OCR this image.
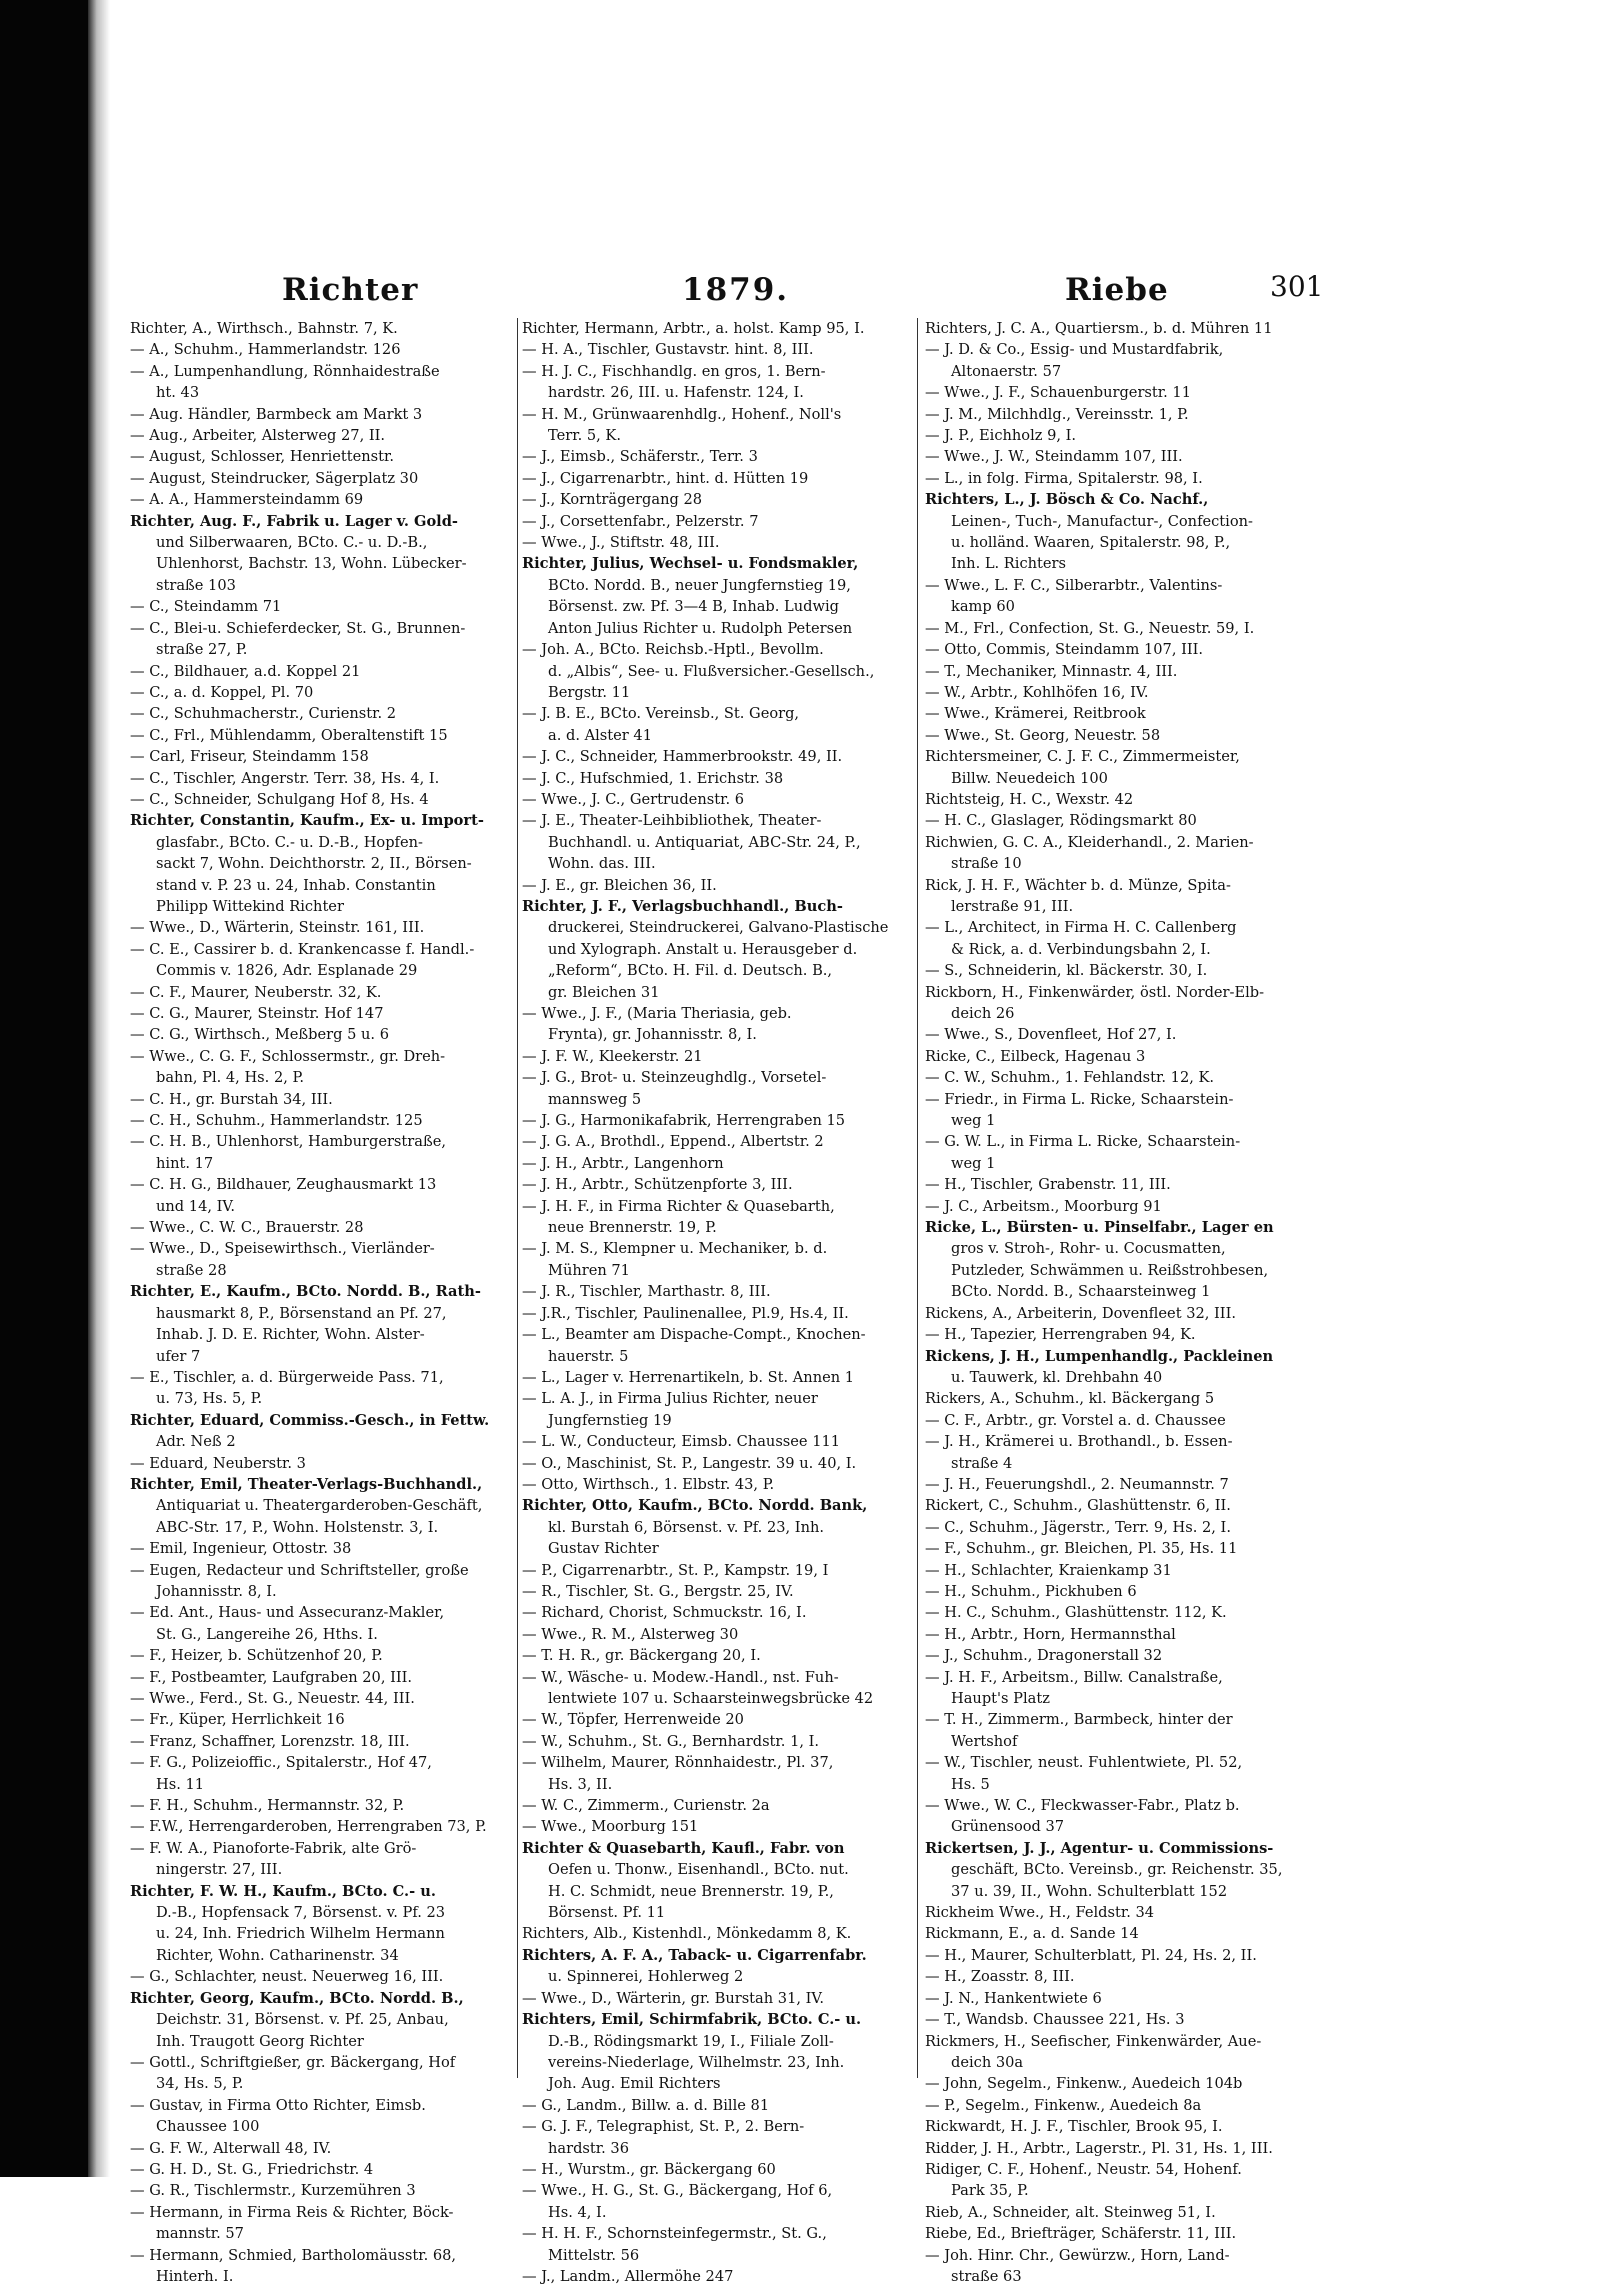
Richter	1879.	Riebe	301
Richter, A., Wirthsch., Bahnstr. 7, K.
— A., Schuhm., Hammerlandstr. 126
— A., Lumpenhandlung, Rönnhaidestraße
ht. 43
— Aug. Händler, Barmbeck am Markt 3
— Aug., Arbeiter, Alsterweg 27, II.
— August, Schlosser, Henriettenstr.
— August, Steindrucker, Sägerplatz 30
— A. A., Hammersteindamm 69
Richter, Aug. F., Fabrik u. Lager v. Gold-
und Silberwaaren, BCto. C.- u. D.-B.,
Uhlenhorst, Bachstr. 13, Wohn. Lübecker-
straße 103
— C., Steindamm 71
— C., Blei-u. Schieferdecker, St. G., Brunnen-
straße 27, P.
— C., Bildhauer, a.d. Koppel 21
— C., a. d. Koppel, Pl. 70
— C., Schuhmacherstr., Curienstr. 2
— C., Frl., Mühlendamm, Oberaltenstift 15
— Carl, Friseur, Steindamm 158
— C., Tischler, Angerstr. Terr. 38, Hs. 4, I.
— C., Schneider, Schulgang Hof 8, Hs. 4
Richter, Constantin, Kaufm., Ex- u. Import-
glasfabr., BCto. C.- u. D.-B., Hopfen-
sackt 7, Wohn. Deichthorstr. 2, II., Börsen-
stand v. P. 23 u. 24, Inhab. Constantin
Philipp Wittekind Richter
— Wwe., D., Wärterin, Steinstr. 161, III.
— C. E., Cassirer b. d. Krankencasse f. Handl.-
Commis v. 1826, Adr. Esplanade 29
— C. F., Maurer, Neuberstr. 32, K.
— C. G., Maurer, Steinstr. Hof 147
— C. G., Wirthsch., Meßberg 5 u. 6
— Wwe., C. G. F., Schlossermstr., gr. Dreh-
bahn, Pl. 4, Hs. 2, P.
— C. H., gr. Burstah 34, III.
— C. H., Schuhm., Hammerlandstr. 125
— C. H. B., Uhlenhorst, Hamburgerstraße,
hint. 17
— C. H. G., Bildhauer, Zeughausmarkt 13
und 14, IV.
— Wwe., C. W. C., Brauerstr. 28
— Wwe., D., Speisewirthsch., Vierländer-
straße 28
Richter, E., Kaufm., BCto. Nordd. B., Rath-
hausmarkt 8, P., Börsenstand an Pf. 27,
Inhab. J. D. E. Richter, Wohn. Alster-
ufer 7
— E., Tischler, a. d. Bürgerweide Pass. 71,
u. 73, Hs. 5, P.
Richter, Eduard, Commiss.-Gesch., in Fettw.
Adr. Neß 2
— Eduard, Neuberstr. 3
Richter, Emil, Theater-Verlags-Buchhandl.,
Antiquariat u. Theatergarderoben-Geschäft,
ABC-Str. 17, P., Wohn. Holstenstr. 3, I.
— Emil, Ingenieur, Ottostr. 38
— Eugen, Redacteur und Schriftsteller, große
Johannisstr. 8, I.
— Ed. Ant., Haus- und Assecuranz-Makler,
St. G., Langereihe 26, Hths. I.
— F., Heizer, b. Schützenhof 20, P.
— F., Postbeamter, Laufgraben 20, III.
— Wwe., Ferd., St. G., Neuestr. 44, III.
— Fr., Küper, Herrlichkeit 16
— Franz, Schaffner, Lorenzstr. 18, III.
— F. G., Polizeioffic., Spitalerstr., Hof 47,
Hs. 11
— F. H., Schuhm., Hermannstr. 32, P.
— F.W., Herrengarderoben, Herrengraben 73, P.
— F. W. A., Pianoforte-Fabrik, alte Grö-
ningerstr. 27, III.
Richter, F. W. H., Kaufm., BCto. C.- u.
D.-B., Hopfensack 7, Börsenst. v. Pf. 23
u. 24, Inh. Friedrich Wilhelm Hermann
Richter, Wohn. Catharinenstr. 34
— G., Schlachter, neust. Neuerweg 16, III.
Richter, Georg, Kaufm., BCto. Nordd. B.,
Deichstr. 31, Börsenst. v. Pf. 25, Anbau,
Inh. Traugott Georg Richter
— Gottl., Schriftgießer, gr. Bäckergang, Hof
34, Hs. 5, P.
— Gustav, in Firma Otto Richter, Eimsb.
Chaussee 100
— G. F. W., Alterwall 48, IV.
— G. H. D., St. G., Friedrichstr. 4
— G. R., Tischlermstr., Kurzemühren 3
— Hermann, in Firma Reis & Richter, Böck-
mannstr. 57
— Hermann, Schmied, Bartholomäusstr. 68,
Hinterh. I.
Richter, Hermann, Arbtr., a. holst. Kamp 95, I.
— H. A., Tischler, Gustavstr. hint. 8, III.
— H. J. C., Fischhandlg. en gros, 1. Bern-
hardstr. 26, III. u. Hafenstr. 124, I.
— H. M., Grünwaarenhdlg., Hohenf., Noll's
Terr. 5, K.
— J., Eimsb., Schäferstr., Terr. 3
— J., Cigarrenarbtr., hint. d. Hütten 19
— J., Kornträgergang 28
— J., Corsettenfabr., Pelzerstr. 7
— Wwe., J., Stiftstr. 48, III.
Richter, Julius, Wechsel- u. Fondsmakler,
BCto. Nordd. B., neuer Jungfernstieg 19,
Börsenst. zw. Pf. 3—4 B, Inhab. Ludwig
Anton Julius Richter u. Rudolph Petersen
— Joh. A., BCto. Reichsb.-Hptl., Bevollm.
d. „Albis“, See- u. Flußversicher.-Gesellsch.,
Bergstr. 11
— J. B. E., BCto. Vereinsb., St. Georg,
a. d. Alster 41
— J. C., Schneider, Hammerbrookstr. 49, II.
— J. C., Hufschmied, 1. Erichstr. 38
— Wwe., J. C., Gertrudenstr. 6
— J. E., Theater-Leihbibliothek, Theater-
Buchhandl. u. Antiquariat, ABC-Str. 24, P.,
Wohn. das. III.
— J. E., gr. Bleichen 36, II.
Richter, J. F., Verlagsbuchhandl., Buch-
druckerei, Steindruckerei, Galvano-Plastische
und Xylograph. Anstalt u. Herausgeber d.
„Reform“, BCto. H. Fil. d. Deutsch. B.,
gr. Bleichen 31
— Wwe., J. F., (Maria Theriasia, geb.
Frynta), gr. Johannisstr. 8, I.
— J. F. W., Kleekerstr. 21
— J. G., Brot- u. Steinzeughdlg., Vorsetel-
mannsweg 5
— J. G., Harmonikafabrik, Herrengraben 15
— J. G. A., Brothdl., Eppend., Albertstr. 2
— J. H., Arbtr., Langenhorn
— J. H., Arbtr., Schützenpforte 3, III.
— J. H. F., in Firma Richter & Quasebarth,
neue Brennerstr. 19, P.
— J. M. S., Klempner u. Mechaniker, b. d.
Mühren 71
— J. R., Tischler, Marthastr. 8, III.
— J.R., Tischler, Paulinenallee, Pl.9, Hs.4, II.
— L., Beamter am Dispache-Compt., Knochen-
hauerstr. 5
— L., Lager v. Herrenartikeln, b. St. Annen 1
— L. A. J., in Firma Julius Richter, neuer
Jungfernstieg 19
— L. W., Conducteur, Eimsb. Chaussee 111
— O., Maschinist, St. P., Langestr. 39 u. 40, I.
— Otto, Wirthsch., 1. Elbstr. 43, P.
Richter, Otto, Kaufm., BCto. Nordd. Bank,
kl. Burstah 6, Börsenst. v. Pf. 23, Inh.
Gustav Richter
— P., Cigarrenarbtr., St. P., Kampstr. 19, I
— R., Tischler, St. G., Bergstr. 25, IV.
— Richard, Chorist, Schmuckstr. 16, I.
— Wwe., R. M., Alsterweg 30
— T. H. R., gr. Bäckergang 20, I.
— W., Wäsche- u. Modew.-Handl., nst. Fuh-
lentwiete 107 u. Schaarsteinwegsbrücke 42
— W., Töpfer, Herrenweide 20
— W., Schuhm., St. G., Bernhardstr. 1, I.
— Wilhelm, Maurer, Rönnhaidestr., Pl. 37,
Hs. 3, II.
— W. C., Zimmerm., Curienstr. 2a
— Wwe., Moorburg 151
Richter & Quasebarth, Kaufl., Fabr. von
Oefen u. Thonw., Eisenhandl., BCto. nut.
H. C. Schmidt, neue Brennerstr. 19, P.,
Börsenst. Pf. 11
Richters, Alb., Kistenhdl., Mönkedamm 8, K.
Richters, A. F. A., Taback- u. Cigarrenfabr.
u. Spinnerei, Hohlerweg 2
— Wwe., D., Wärterin, gr. Burstah 31, IV.
Richters, Emil, Schirmfabrik, BCto. C.- u.
D.-B., Rödingsmarkt 19, I., Filiale Zoll-
vereins-Niederlage, Wilhelmstr. 23, Inh.
Joh. Aug. Emil Richters
— G., Landm., Billw. a. d. Bille 81
— G. J. F., Telegraphist, St. P., 2. Bern-
hardstr. 36
— H., Wurstm., gr. Bäckergang 60
— Wwe., H. G., St. G., Bäckergang, Hof 6,
Hs. 4, I.
— H. H. F., Schornsteinfegermstr., St. G.,
Mittelstr. 56
— J., Landm., Allermöhe 247
Richters, J. C. A., Quartiersm., b. d. Mühren 11
— J. D. & Co., Essig- und Mustardfabrik,
Altonaerstr. 57
— Wwe., J. F., Schauenburgerstr. 11
— J. M., Milchhdlg., Vereinsstr. 1, P.
— J. P., Eichholz 9, I.
— Wwe., J. W., Steindamm 107, III.
— L., in folg. Firma, Spitalerstr. 98, I.
Richters, L., J. Bösch & Co. Nachf.,
Leinen-, Tuch-, Manufactur-, Confection-
u. holländ. Waaren, Spitalerstr. 98, P.,
Inh. L. Richters
— Wwe., L. F. C., Silberarbtr., Valentins-
kamp 60
— M., Frl., Confection, St. G., Neuestr. 59, I.
— Otto, Commis, Steindamm 107, III.
— T., Mechaniker, Minnastr. 4, III.
— W., Arbtr., Kohlhöfen 16, IV.
— Wwe., Krämerei, Reitbrook
— Wwe., St. Georg, Neuestr. 58
Richtersmeiner, C. J. F. C., Zimmermeister,
Billw. Neuedeich 100
Richtsteig, H. C., Wexstr. 42
— H. C., Glaslager, Rödingsmarkt 80
Richwien, G. C. A., Kleiderhandl., 2. Marien-
straße 10
Rick, J. H. F., Wächter b. d. Münze, Spita-
lerstraße 91, III.
— L., Architect, in Firma H. C. Callenberg
& Rick, a. d. Verbindungsbahn 2, I.
— S., Schneiderin, kl. Bäckerstr. 30, I.
Rickborn, H., Finkenwärder, östl. Norder-Elb-
deich 26
— Wwe., S., Dovenfleet, Hof 27, I.
Ricke, C., Eilbeck, Hagenau 3
— C. W., Schuhm., 1. Fehlandstr. 12, K.
— Friedr., in Firma L. Ricke, Schaarstein-
weg 1
— G. W. L., in Firma L. Ricke, Schaarstein-
weg 1
— H., Tischler, Grabenstr. 11, III.
— J. C., Arbeitsm., Moorburg 91
Ricke, L., Bürsten- u. Pinselfabr., Lager en
gros v. Stroh-, Rohr- u. Cocusmatten,
Putzleder, Schwämmen u. Reißstrohbesen,
BCto. Nordd. B., Schaarsteinweg 1
Rickens, A., Arbeiterin, Dovenfleet 32, III.
— H., Tapezier, Herrengraben 94, K.
Rickens, J. H., Lumpenhandlg., Packleinen
u. Tauwerk, kl. Drehbahn 40
Rickers, A., Schuhm., kl. Bäckergang 5
— C. F., Arbtr., gr. Vorstel a. d. Chaussee
— J. H., Krämerei u. Brothandl., b. Essen-
straße 4
— J. H., Feuerungshdl., 2. Neumannstr. 7
Rickert, C., Schuhm., Glashüttenstr. 6, II.
— C., Schuhm., Jägerstr., Terr. 9, Hs. 2, I.
— F., Schuhm., gr. Bleichen, Pl. 35, Hs. 11
— H., Schlachter, Kraienkamp 31
— H., Schuhm., Pickhuben 6
— H. C., Schuhm., Glashüttenstr. 112, K.
— H., Arbtr., Horn, Hermannsthal
— J., Schuhm., Dragonerstall 32
— J. H. F., Arbeitsm., Billw. Canalstraße,
Haupt's Platz
— T. H., Zimmerm., Barmbeck, hinter der
Wertshof
— W., Tischler, neust. Fuhlentwiete, Pl. 52,
Hs. 5
— Wwe., W. C., Fleckwasser-Fabr., Platz b.
Grünensood 37
Rickertsen, J. J., Agentur- u. Commissions-
geschäft, BCto. Vereinsb., gr. Reichenstr. 35,
37 u. 39, II., Wohn. Schulterblatt 152
Rickheim Wwe., H., Feldstr. 34
Rickmann, E., a. d. Sande 14
— H., Maurer, Schulterblatt, Pl. 24, Hs. 2, II.
— H., Zoasstr. 8, III.
— J. N., Hankentwiete 6
— T., Wandsb. Chaussee 221, Hs. 3
Rickmers, H., Seefischer, Finkenwärder, Aue-
deich 30a
— John, Segelm., Finkenw., Auedeich 104b
— P., Segelm., Finkenw., Auedeich 8a
Rickwardt, H. J. F., Tischler, Brook 95, I.
Ridder, J. H., Arbtr., Lagerstr., Pl. 31, Hs. 1, III.
Ridiger, C. F., Hohenf., Neustr. 54, Hohenf.
Park 35, P.
Rieb, A., Schneider, alt. Steinweg 51, I.
Riebe, Ed., Briefträger, Schäferstr. 11, III.
— Joh. Hinr. Chr., Gewürzw., Horn, Land-
straße 63
